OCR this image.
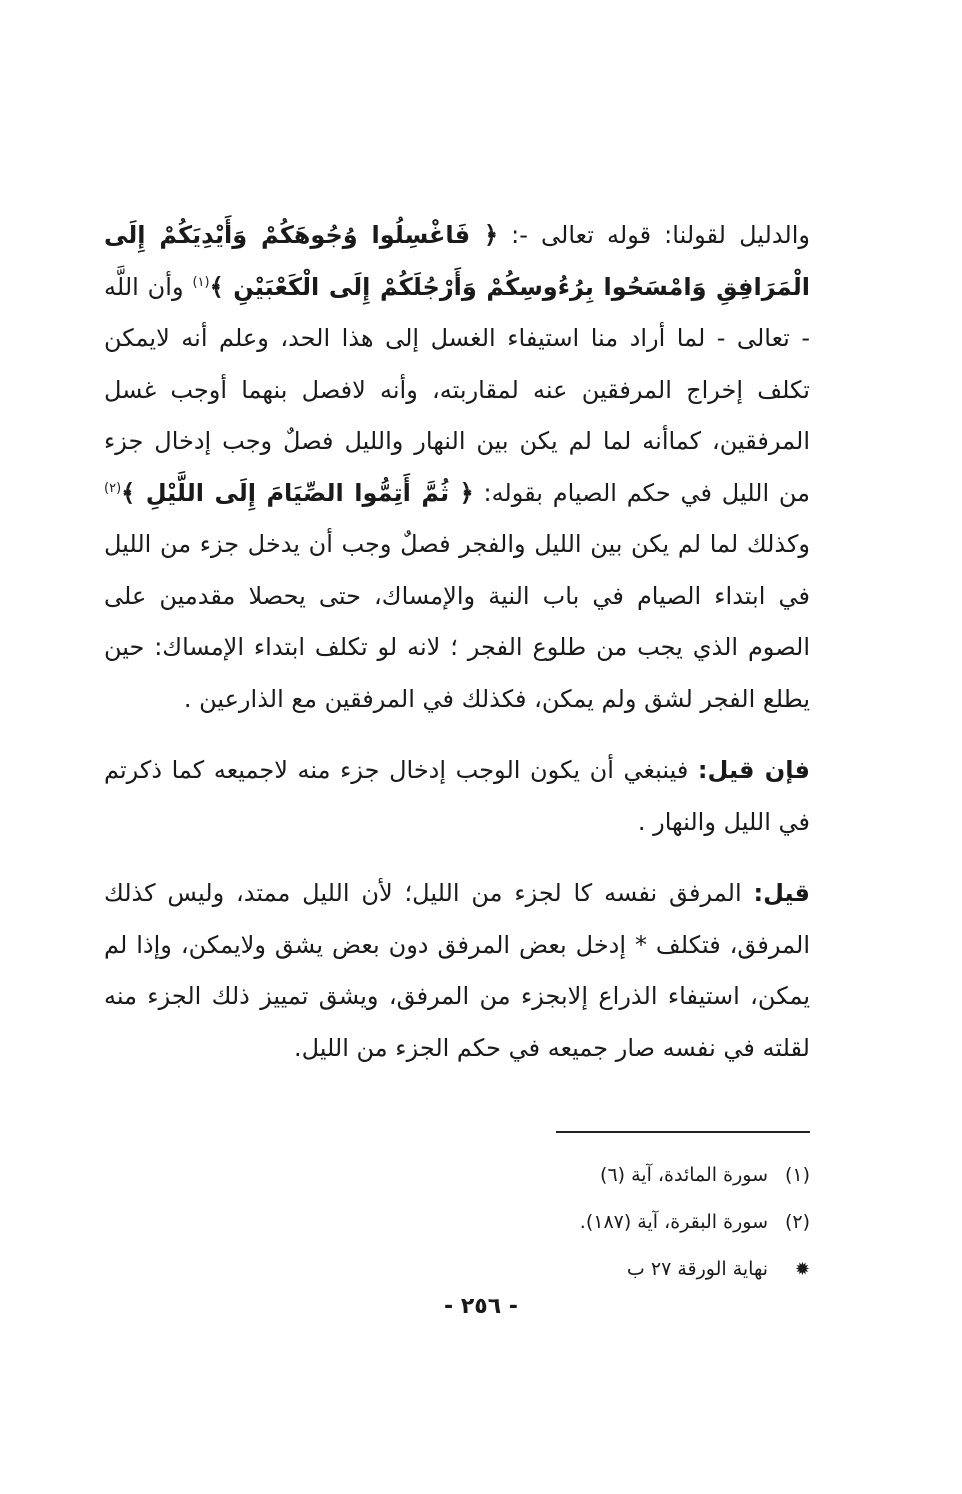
والدليل لقولنا: قوله تعالى -: ﴿ فَاغْسِلُوا وُجُوهَكُمْ وَأَيْدِيَكُمْ إِلَى الْمَرَافِقِ وَامْسَحُوا بِرُءُوسِكُمْ وَأَرْجُلَكُمْ إِلَى الْكَعْبَيْنِ ﴾$^{(١)}$ وأن اللَّه - تعالى - لما أراد منا استيفاء الغسل إلى هذا الحد، وعلم أنه لايمكن تكلف إخراج المرفقين عنه لمقاربته، وأنه لافصل بنهما أوجب غسل المرفقين، كماأنه لما لم يكن بين النهار والليل فصلٌ وجب إدخال جزء من الليل في حكم الصيام بقوله: ﴿ ثُمَّ أَتِمُّوا الصِّيَامَ إِلَى اللَّيْلِ ﴾$^{(٢)}$ وكذلك لما لم يكن بين الليل والفجر فصلٌ وجب أن يدخل جزء من الليل في ابتداء الصيام في باب النية والإمساك، حتى يحصلا مقدمين على الصوم الذي يجب من طلوع الفجر ؛ لانه لو تكلف ابتداء الإمساك: حين يطلع الفجر لشق ولم يمكن، فكذلك في المرفقين مع الذارعين .

فإن قيل: فينبغي أن يكون الوجب إدخال جزء منه لاجميعه كما ذكرتم في الليل والنهار .

قيل: المرفق نفسه كا لجزء من الليل؛ لأن الليل ممتد، وليس كذلك المرفق، فتكلف * إدخل بعض المرفق دون بعض يشق ولايمكن، وإذا لم يمكن، استيفاء الذراع إلابجزء من المرفق، ويشق تمييز ذلك الجزء منه لقلته في نفسه صار جميعه في حكم الجزء من الليل.

(١)سورة المائدة، آية (٦)

(٢)سورة البقرة، آية (١٨٧).

✹نهاية الورقة ٢٧ ب

- ٢٥٦ -
